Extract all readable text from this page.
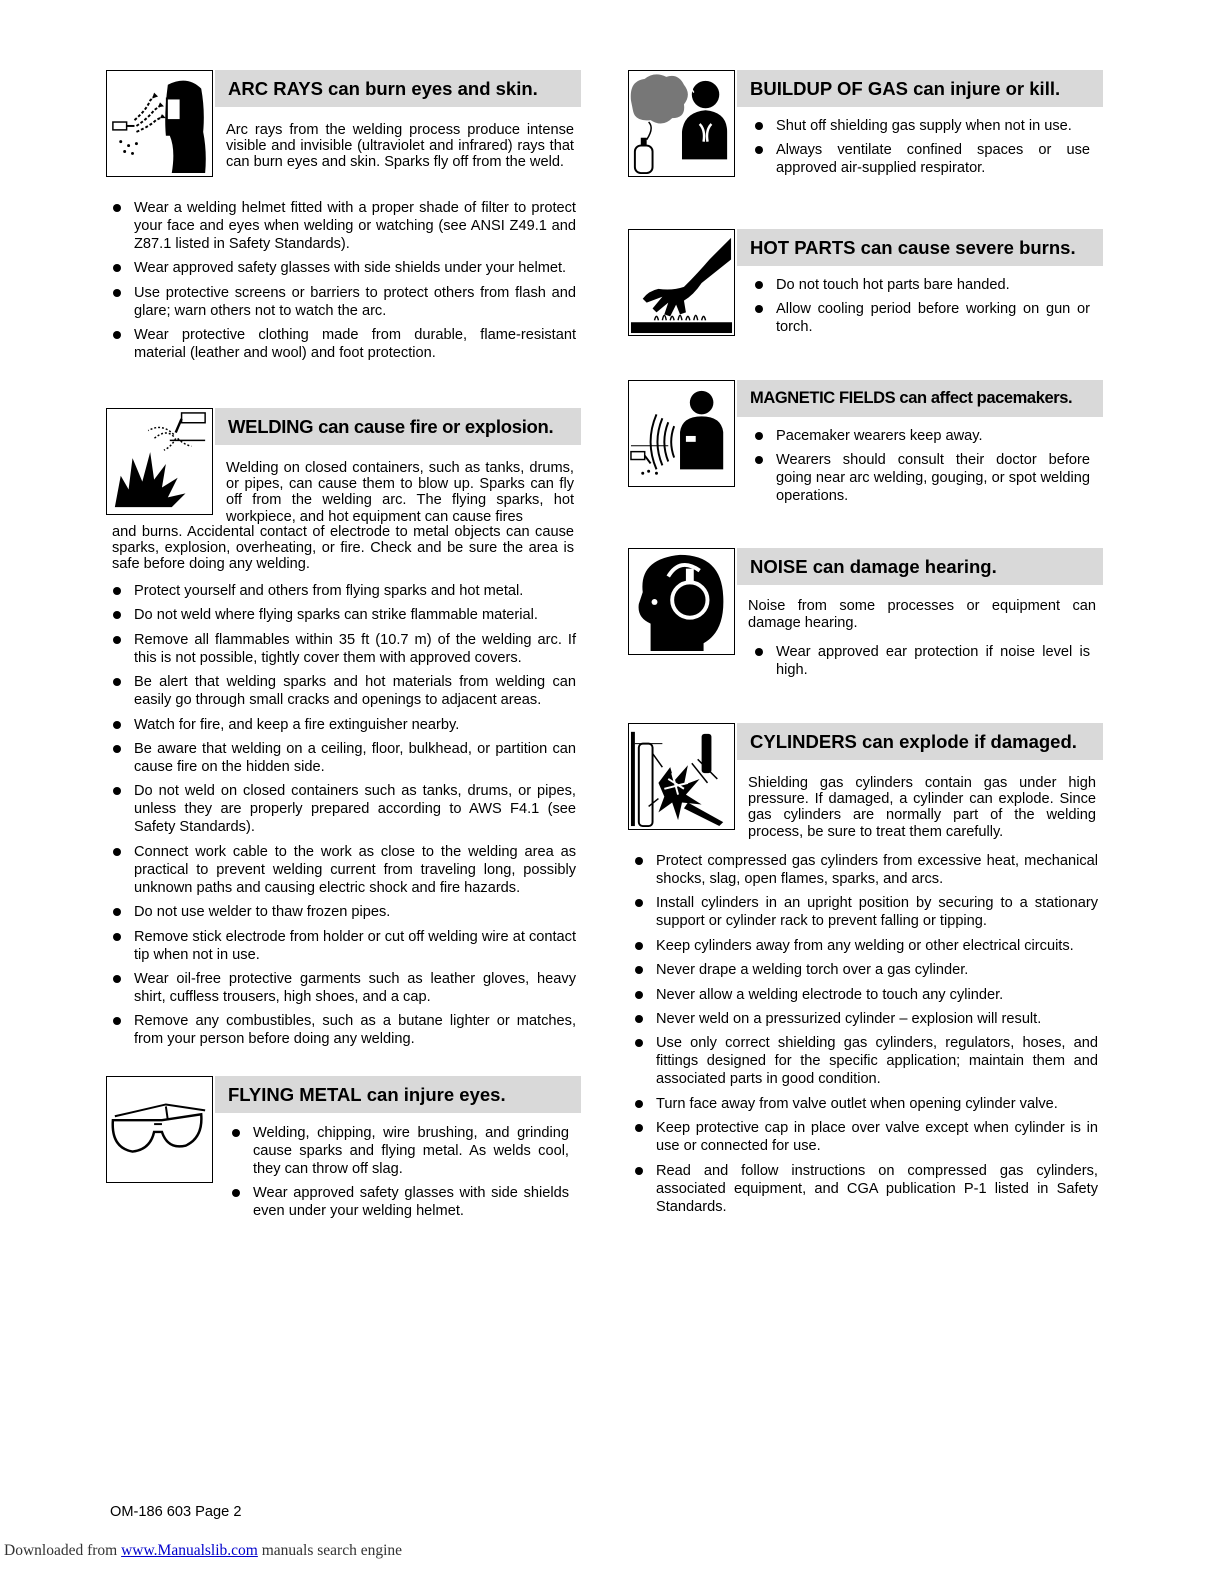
ARC RAYS can burn eyes and skin.
Arc rays from the welding process produce intense visible and invisible (ultraviolet and infrared) rays that can burn eyes and skin. Sparks fly off from the weld.
Wear a welding helmet fitted with a proper shade of filter to protect your face and eyes when welding or watching (see ANSI Z49.1 and Z87.1 listed in Safety Standards).
Wear approved safety glasses with side shields under your helmet.
Use protective screens or barriers to protect others from flash and glare; warn others not to watch the arc.
Wear protective clothing made from durable, flame-resistant material (leather and wool) and foot protection.
WELDING can cause fire or explosion.
Welding on closed containers, such as tanks, drums, or pipes, can cause them to blow up. Sparks can fly off from the welding arc. The flying sparks, hot workpiece, and hot equipment can cause fires
and burns. Accidental contact of electrode to metal objects can cause sparks, explosion, overheating, or fire. Check and be sure the area is safe before doing any welding.
Protect yourself and others from flying sparks and hot metal.
Do not weld where flying sparks can strike flammable material.
Remove all flammables within 35 ft (10.7 m) of the welding arc. If this is not possible, tightly cover them with approved covers.
Be alert that welding sparks and hot materials from welding can easily go through small cracks and openings to adjacent areas.
Watch for fire, and keep a fire extinguisher nearby.
Be aware that welding on a ceiling, floor, bulkhead, or partition can cause fire on the hidden side.
Do not weld on closed containers such as tanks, drums, or pipes, unless they are properly prepared according to AWS F4.1 (see Safety Standards).
Connect work cable to the work as close to the welding area as practical to prevent welding current from traveling long, possibly unknown paths and causing electric shock and fire hazards.
Do not use welder to thaw frozen pipes.
Remove stick electrode from holder or cut off welding wire at contact tip when not in use.
Wear oil-free protective garments such as leather gloves, heavy shirt, cuffless trousers, high shoes, and a cap.
Remove any combustibles, such as a butane lighter or matches, from your person before doing any welding.
FLYING METAL can injure eyes.
Welding, chipping, wire brushing, and grinding cause sparks and flying metal. As welds cool, they can throw off slag.
Wear approved safety glasses with side shields even under your welding helmet.
BUILDUP OF GAS can injure or kill.
Shut off shielding gas supply when not in use.
Always ventilate confined spaces or use approved air-supplied respirator.
HOT PARTS can cause severe burns.
Do not touch hot parts bare handed.
Allow cooling period before working on gun or torch.
MAGNETIC FIELDS can affect pacemakers.
Pacemaker wearers keep away.
Wearers should consult their doctor before going near arc welding, gouging, or spot welding operations.
NOISE can damage hearing.
Noise from some processes or equipment can damage hearing.
Wear approved ear protection if noise level is high.
CYLINDERS can explode if damaged.
Shielding gas cylinders contain gas under high pressure. If damaged, a cylinder can explode. Since gas cylinders are normally part of the welding process, be sure to treat them carefully.
Protect compressed gas cylinders from excessive heat, mechanical shocks, slag, open flames, sparks, and arcs.
Install cylinders in an upright position by securing to a stationary support or cylinder rack to prevent falling or tipping.
Keep cylinders away from any welding or other electrical circuits.
Never drape a welding torch over a gas cylinder.
Never allow a welding electrode to touch any cylinder.
Never weld on a pressurized cylinder – explosion will result.
Use only correct shielding gas cylinders, regulators, hoses, and fittings designed for the specific application; maintain them and associated parts in good condition.
Turn face away from valve outlet when opening cylinder valve.
Keep protective cap in place over valve except when cylinder is in use or connected for use.
Read and follow instructions on compressed gas cylinders, associated equipment, and CGA publication P-1 listed in Safety Standards.
OM-186 603 Page 2
Downloaded from www.Manualslib.com manuals search engine
